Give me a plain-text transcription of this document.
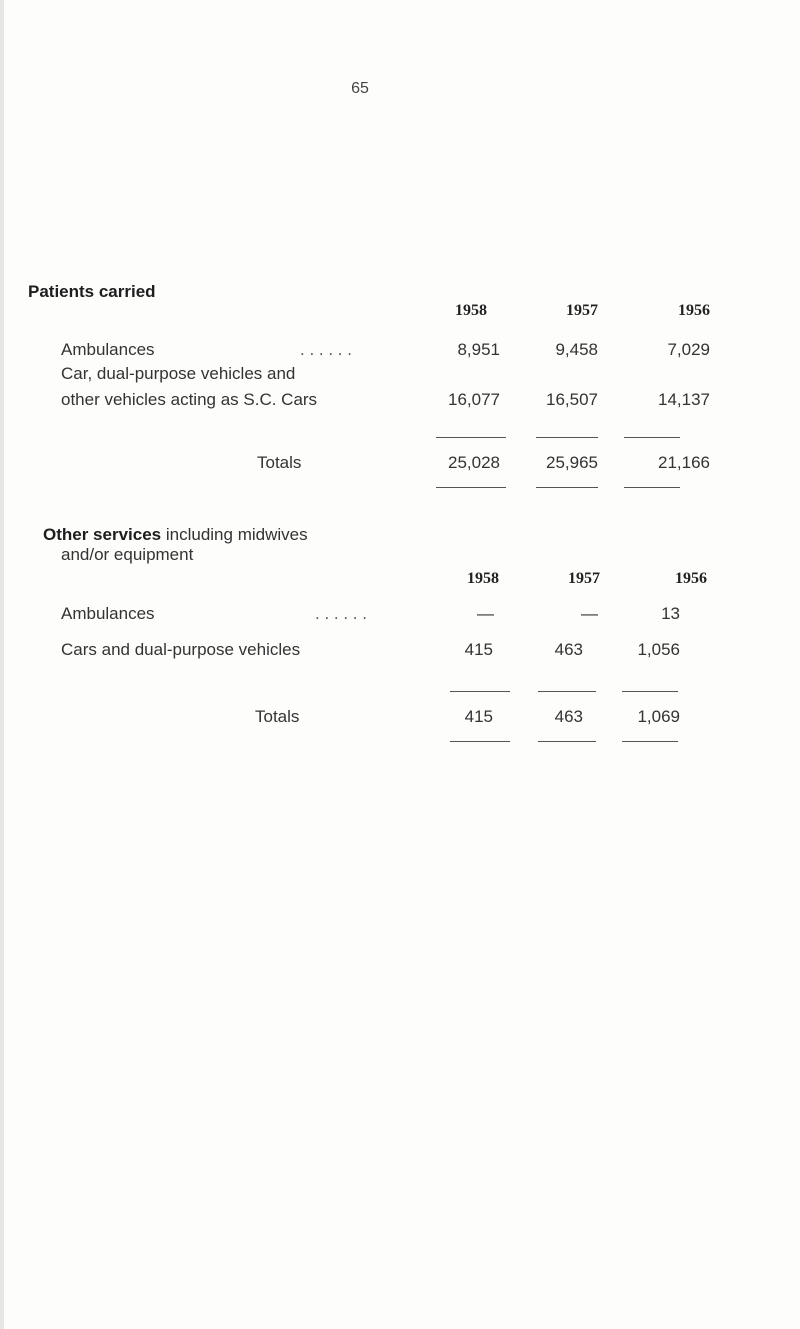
65
Patients carried
1958	1957	1956
Ambulances	. . . . . .	8,951	9,458	7,029
Car, dual-purpose vehicles and
other vehicles acting as S.C. Cars	16,077	16,507	14,137
Totals	25,028	25,965	21,166
Other services including midwives
and/or equipment
1958	1957	1956
Ambulances	. . . . . .	—	—	13
Cars and dual-purpose vehicles	415	463	1,056
Totals	415	463	1,069
